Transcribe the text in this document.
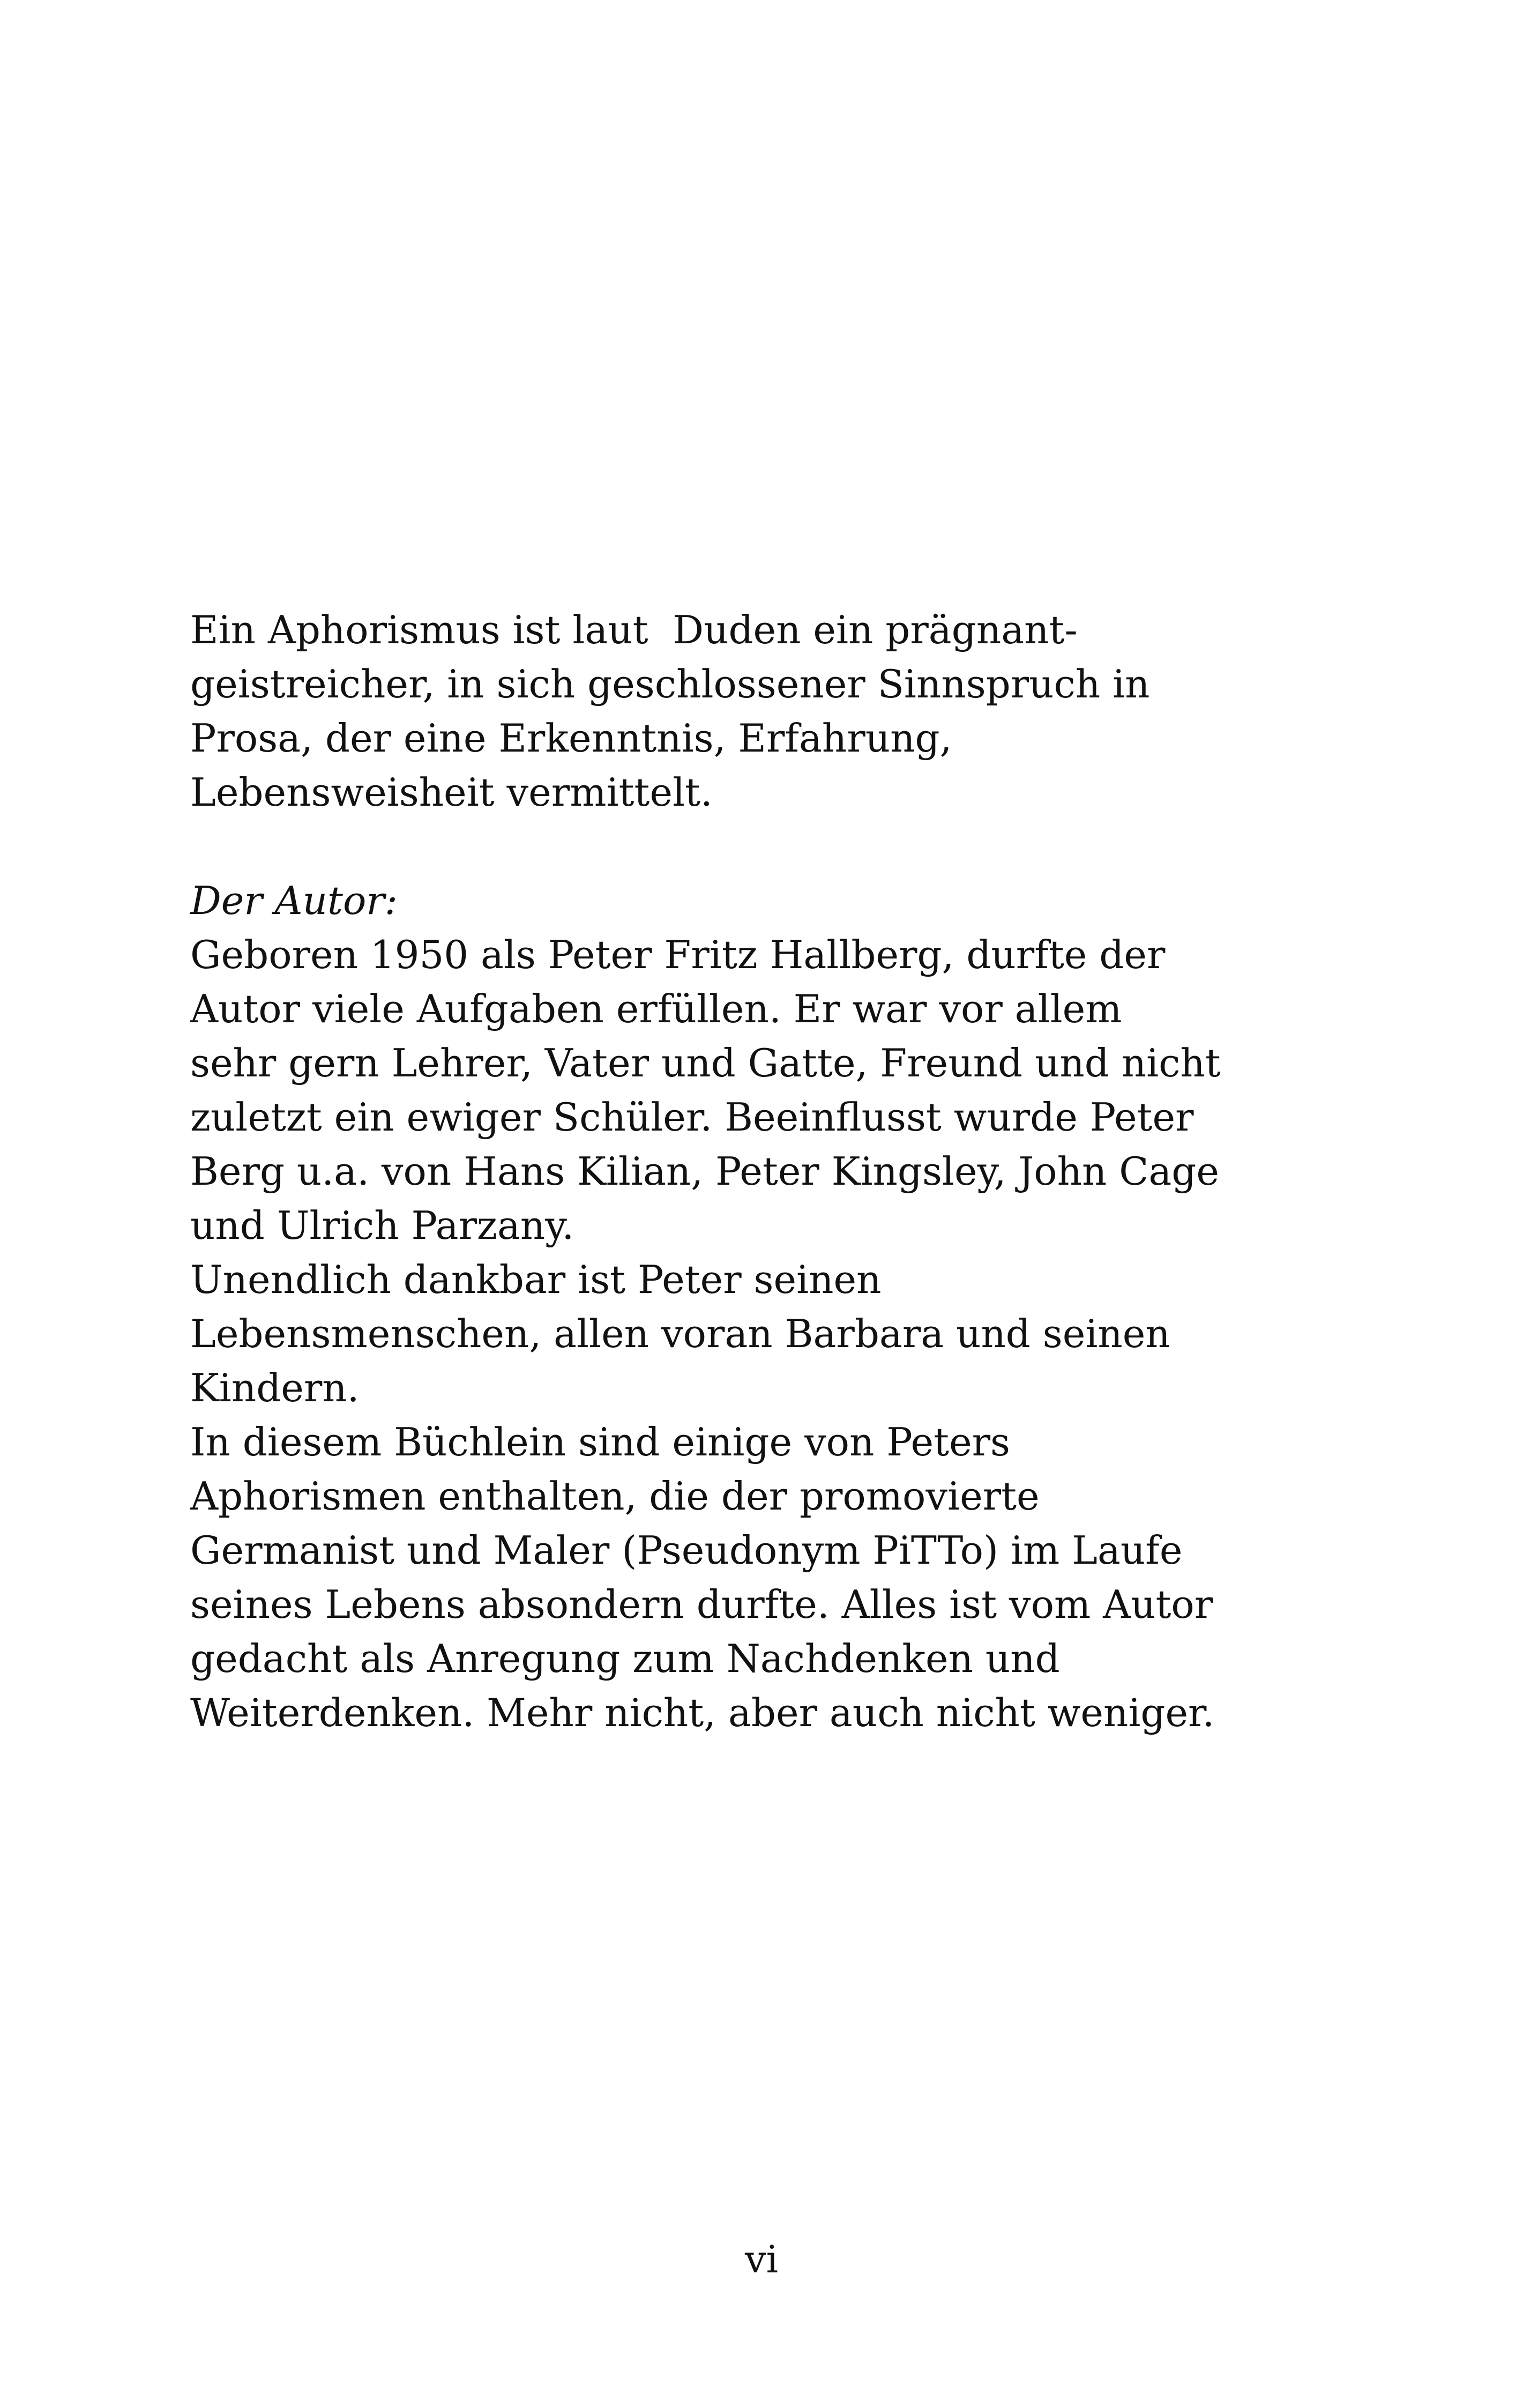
Ein Aphorismus ist laut  Duden ein prägnant-
geistreicher, in sich geschlossener Sinnspruch in
Prosa, der eine Erkenntnis, Erfahrung,
Lebensweisheit vermittelt.
Der Autor:
Geboren 1950 als Peter Fritz Hallberg, durfte der
Autor viele Aufgaben erfüllen. Er war vor allem
sehr gern Lehrer, Vater und Gatte, Freund und nicht
zuletzt ein ewiger Schüler. Beeinflusst wurde Peter
Berg u.a. von Hans Kilian, Peter Kingsley, John Cage
und Ulrich Parzany.
Unendlich dankbar ist Peter seinen
Lebensmenschen, allen voran Barbara und seinen
Kindern.
In diesem Büchlein sind einige von Peters
Aphorismen enthalten, die der promovierte
Germanist und Maler (Pseudonym PiTTo) im Laufe
seines Lebens absondern durfte. Alles ist vom Autor
gedacht als Anregung zum Nachdenken und
Weiterdenken. Mehr nicht, aber auch nicht weniger.
vi
